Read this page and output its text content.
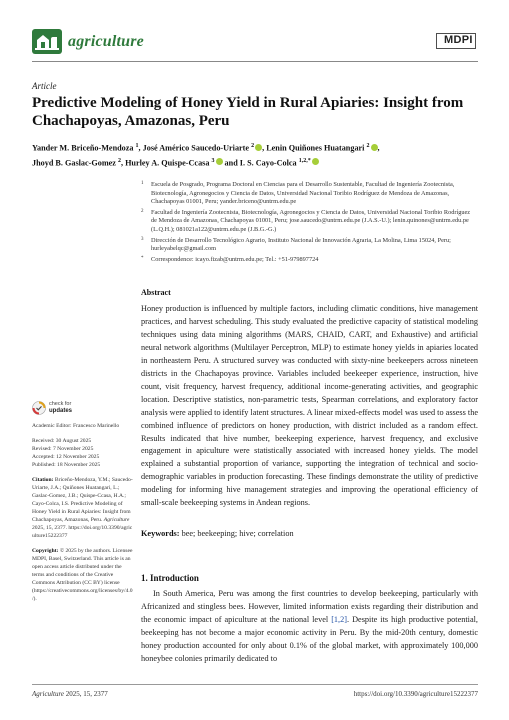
agriculture	MDPI
Article
Predictive Modeling of Honey Yield in Rural Apiaries: Insight from Chachapoyas, Amazonas, Peru
Yander M. Briceño-Mendoza $^1$, José Américo Saucedo-Uriarte $^2$ , Lenin Quiñones Huatangari $^2$ ,
Jhoyd B. Gaslac-Gomez $^2$, Hurley A. Quispe-Ccasa $^3$ and I. S. Cayo-Colca $^{1,2,*}$
1 Escuela de Posgrado, Programa Doctoral en Ciencias para el Desarrollo Sustentable, Facultad de Ingeniería Zootecnista, Biotecnología, Agronegocios y Ciencia de Datos, Universidad Nacional Toribio Rodríguez de Mendoza de Amazonas, Chachapoyas 01001, Peru; yander.briceno@untrm.edu.pe
2 Facultad de Ingeniería Zootecnista, Biotecnología, Agronegocios y Ciencia de Datos, Universidad Nacional Toribio Rodríguez de Mendoza de Amazonas, Chachapoyas 01001, Peru; jose.saucedo@untrm.edu.pe (J.A.S.-U.); lenin.quinones@untrm.edu.pe (L.Q.H.); 081021a122@untrm.edu.pe (J.B.G.-G.)
3 Dirección de Desarrollo Tecnológico Agrario, Instituto Nacional de Innovación Agraria, La Molina, Lima 15024, Peru; hurleyabelqc@gmail.com
* Correspondence: icayo.fizab@untrm.edu.pe; Tel.: +51-979897724
Abstract
Honey production is influenced by multiple factors, including climatic conditions, hive management practices, and harvest scheduling. This study evaluated the predictive capacity of statistical modeling techniques using data mining algorithms (MARS, CHAID, CART, and Exhaustive) and artificial neural network algorithms (Multilayer Perceptron, MLP) to estimate honey yields in apiaries located in northeastern Peru. A structured survey was conducted with sixty-nine beekeepers across nineteen districts in the Chachapoyas province. Variables included beekeeper experience, instruction, hive count, visit frequency, harvest frequency, additional income-generating activities, and geographic location. Descriptive statistics, non-parametric tests, Spearman correlations, and exploratory factor analysis were applied to identify latent structures. A linear mixed-effects model was used to assess the combined influence of predictors on honey production, with district included as a random effect. Results indicated that hive number, beekeeping experience, harvest frequency, and exclusive engagement in apiculture were statistically associated with increased honey yields. The model explained a substantial proportion of variance, supporting the integration of technical and socio-demographic variables in production forecasting. These findings demonstrate the utility of predictive modeling for informing hive management strategies and improving the operational efficiency of small-scale beekeeping systems in Andean regions.
Keywords: bee; beekeeping; hive; correlation
1. Introduction
In South America, Peru was among the first countries to develop beekeeping, particularly with Africanized and stingless bees. However, limited information exists regarding their distribution and the economic impact of apiculture at the national level [1,2]. Despite its high productive potential, beekeeping has not become a major economic activity in Peru. By the mid-20th century, domestic honey production accounted for only about 0.1% of the global market, with approximately 100,000 honeybee colonies primarily dedicated to
check for
updates
Academic Editor: Francesco Marinello
Received: 30 August 2025
Revised: 7 November 2025
Accepted: 12 November 2025
Published: 18 November 2025
Citation: Briceño-Mendoza, Y.M.; Saucedo-Uriarte, J.A.; Quiñones Huatangari, L.; Gaslac-Gomez, J.B.; Quispe-Ccasa, H.A.; Cayo-Colca, I.S. Predictive Modeling of Honey Yield in Rural Apiaries: Insight from Chachapoyas, Amazonas, Peru. Agriculture 2025, 15, 2377. https://doi.org/10.3390/agriculture15222377
Copyright: © 2025 by the authors. Licensee MDPI, Basel, Switzerland. This article is an open access article distributed under the terms and conditions of the Creative Commons Attribution (CC BY) license (https://creativecommons.org/licenses/by/4.0/).
Agriculture 2025, 15, 2377	https://doi.org/10.3390/agriculture15222377
